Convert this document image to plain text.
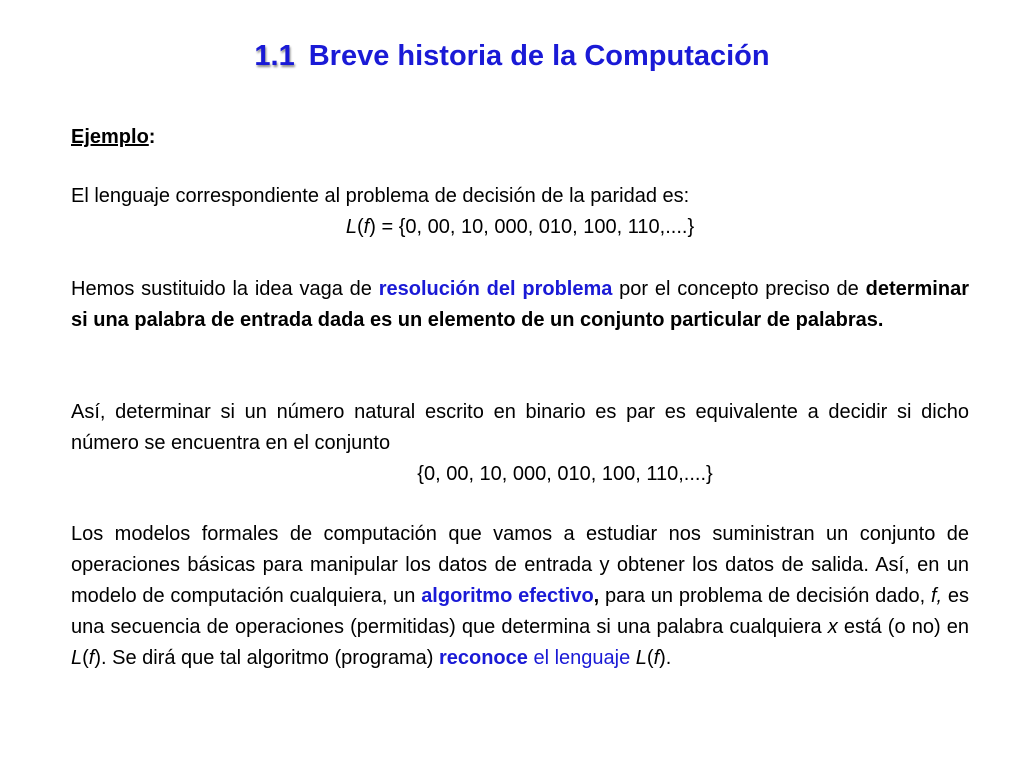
1.1 Breve historia de la Computación
Ejemplo:
El lenguaje correspondiente al problema de decisión de la paridad es:
L(f) = {0, 00, 10, 000, 010, 100, 110,....}
Hemos sustituido la idea vaga de resolución del problema por el concepto preciso de determinar si una palabra de entrada dada es un elemento de un conjunto particular de palabras.
Así, determinar si un número natural escrito en binario es par es equivalente a decidir si dicho número se encuentra en el conjunto
{0, 00, 10, 000, 010, 100, 110,....}
Los modelos formales de computación que vamos a estudiar nos suministran un conjunto de operaciones básicas para manipular los datos de entrada y obtener los datos de salida. Así, en un modelo de computación cualquiera, un algoritmo efectivo, para un problema de decisión dado, f, es una secuencia de operaciones (permitidas) que determina si una palabra cualquiera x está (o no) en L(f). Se dirá que tal algoritmo (programa) reconoce el lenguaje L(f).
